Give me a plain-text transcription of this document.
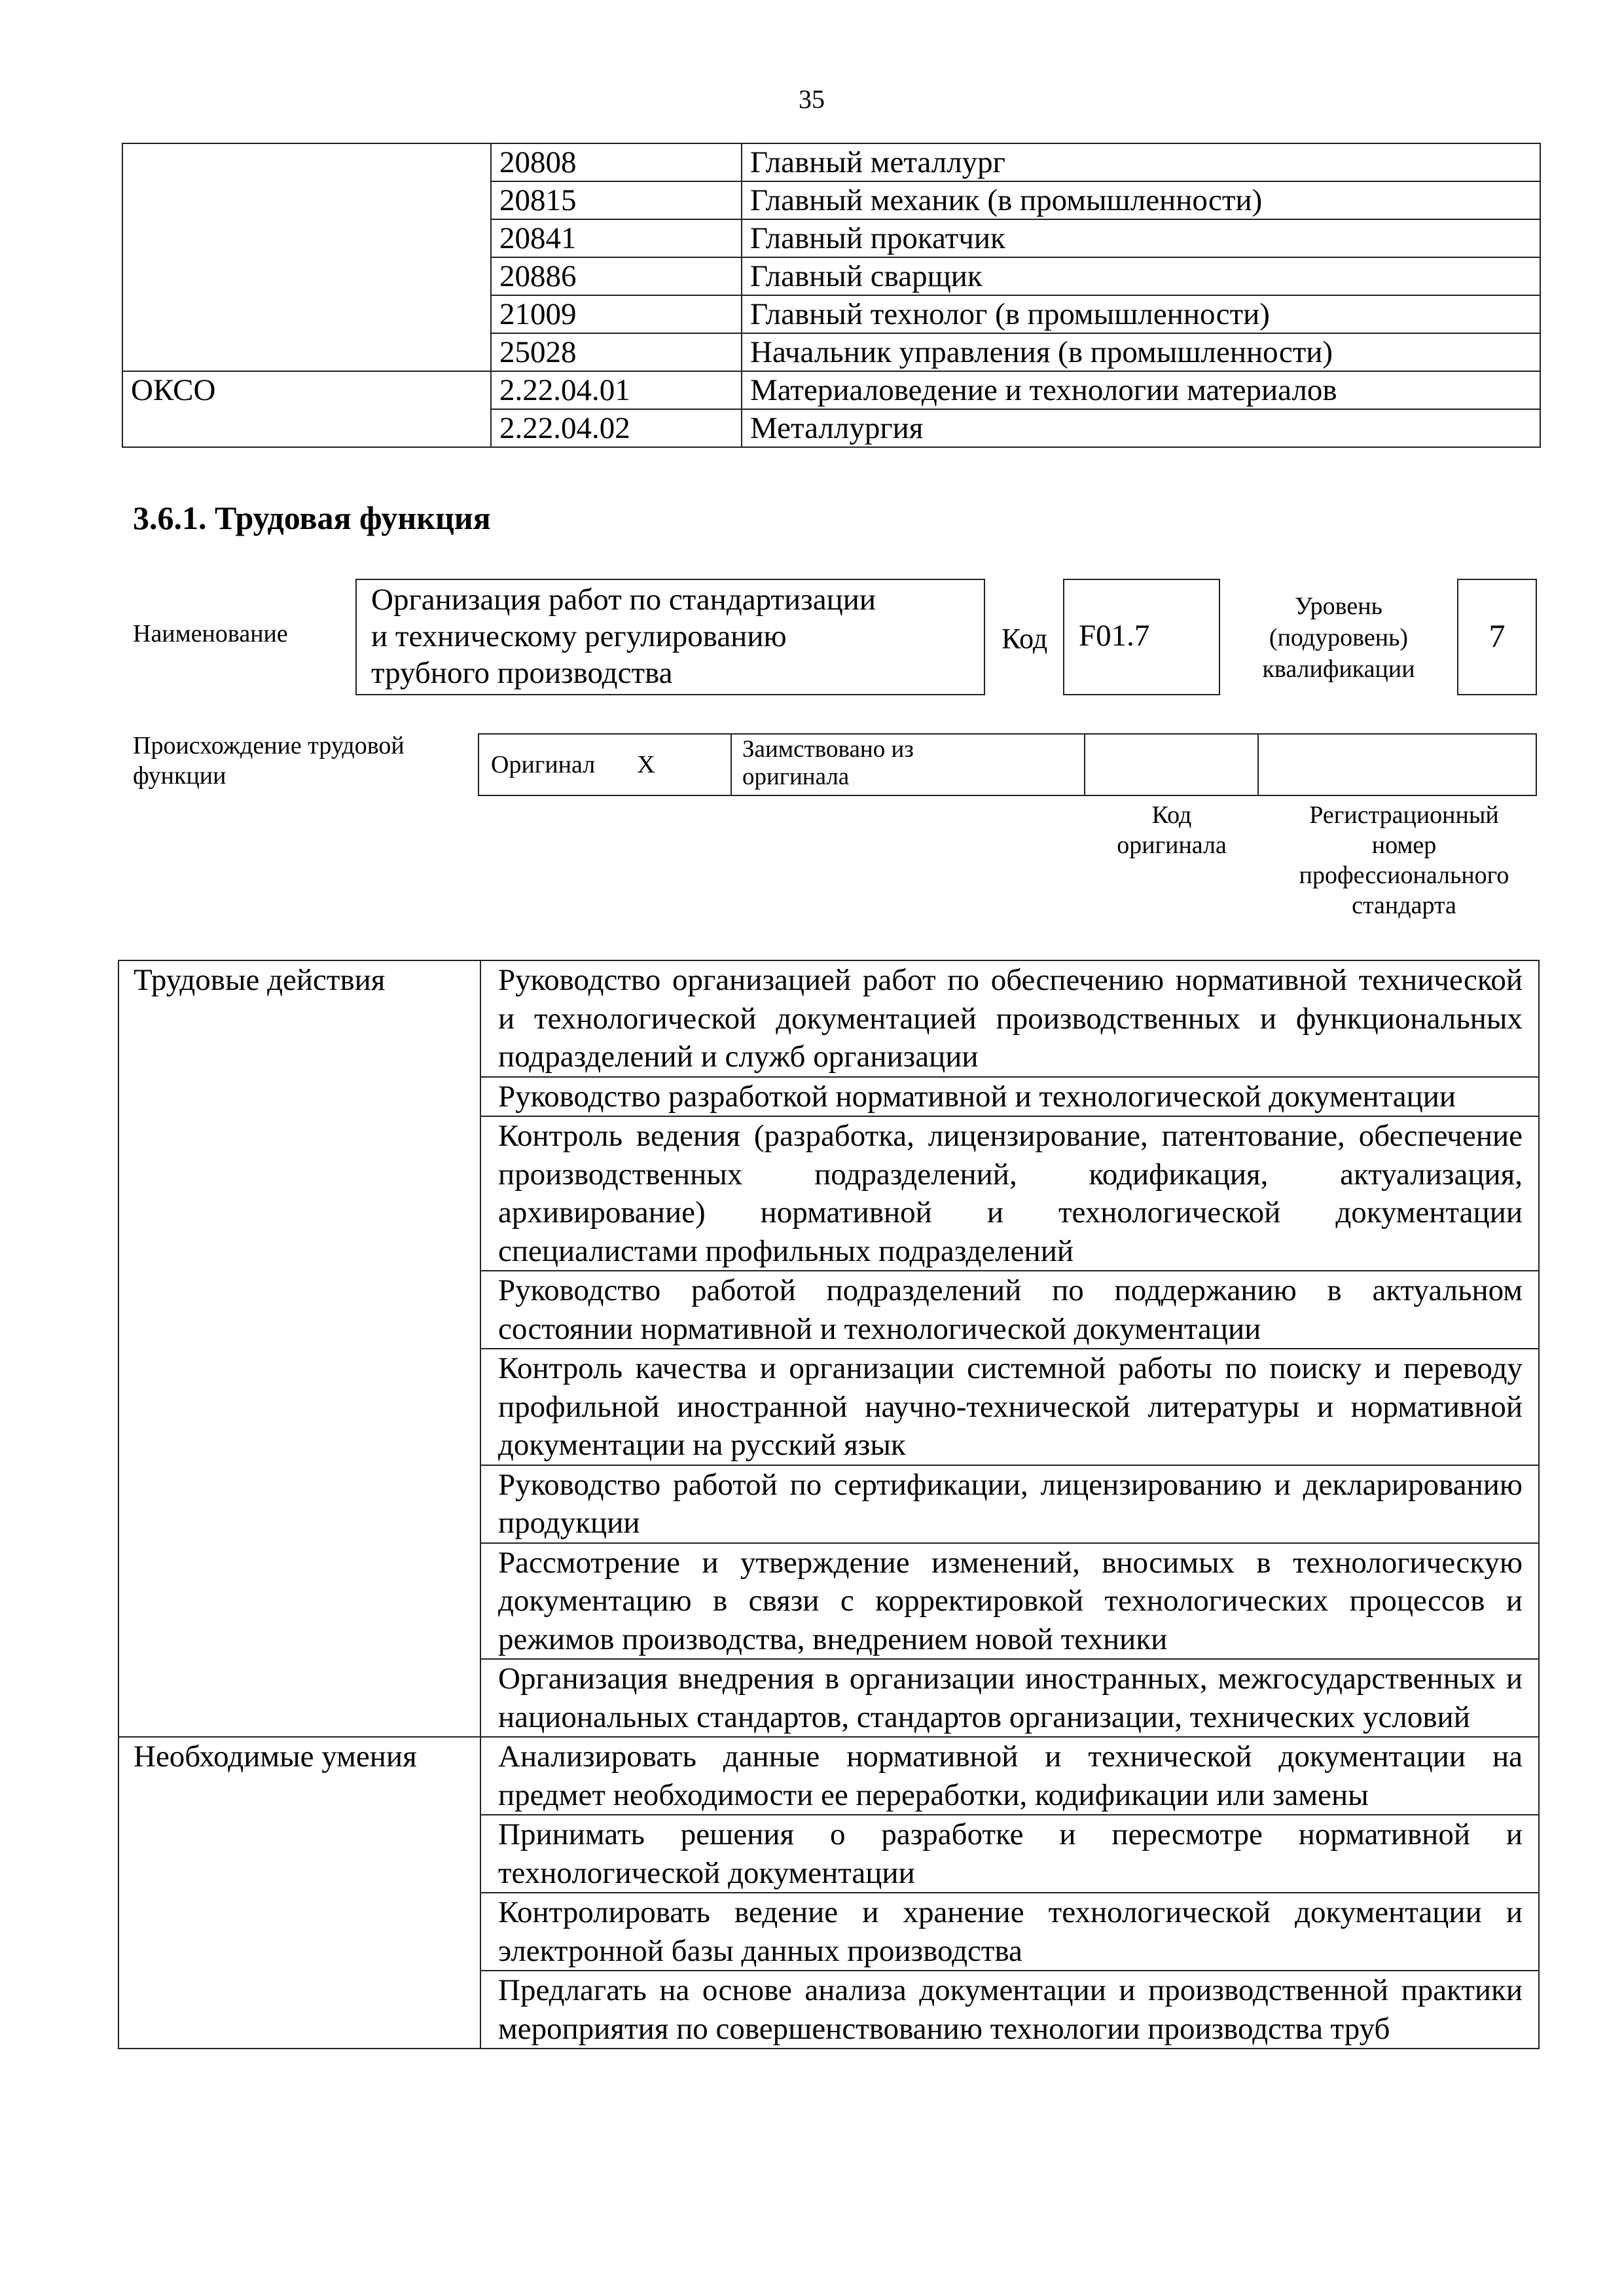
35
	20808	Главный металлург
	20815	Главный механик (в промышленности)
	20841	Главный прокатчик
	20886	Главный сварщик
	21009	Главный технолог (в промышленности)
	25028	Начальник управления (в промышленности)
ОКСО	2.22.04.01	Материаловедение и технологии материалов
	2.22.04.02	Металлургия
3.6.1. Трудовая функция
Наименование
Организация работ по стандартизации
и техническому регулированию
трубного производства
Код	F01.7
Уровень
(подуровень)
квалификации
7
Происхождение трудовой
функции	Оригинал X	
Заимствовано из
оригинала

Код
оригинала
Регистрационный
номер
профессионального
стандарта
Трудовые действия	Руководство организацией работ по обеспечению нормативной технической и технологической документацией производственных и функциональных подразделений и служб организации
	Руководство разработкой нормативной и технологической документации
	Контроль ведения (разработка, лицензирование, патентование, обеспечение производственных подразделений, кодификация, актуализация, архивирование) нормативной и технологической документации специалистами профильных подразделений
	Руководство работой подразделений по поддержанию в актуальном состоянии нормативной и технологической документации
	Контроль качества и организации системной работы по поиску и переводу профильной иностранной научно-технической литературы и нормативной документации на русский язык
	Руководство работой по сертификации, лицензированию и декларированию продукции
	Рассмотрение и утверждение изменений, вносимых в технологическую документацию в связи с корректировкой технологических процессов и режимов производства, внедрением новой техники
	Организация внедрения в организации иностранных, межгосударственных и национальных стандартов, стандартов организации, технических условий
Необходимые умения	Анализировать данные нормативной и технической документации на предмет необходимости ее переработки, кодификации или замены
	Принимать решения о разработке и пересмотре нормативной и технологической документации
	Контролировать ведение и хранение технологической документации и электронной базы данных производства
	Предлагать на основе анализа документации и производственной практики мероприятия по совершенствованию технологии производства труб
